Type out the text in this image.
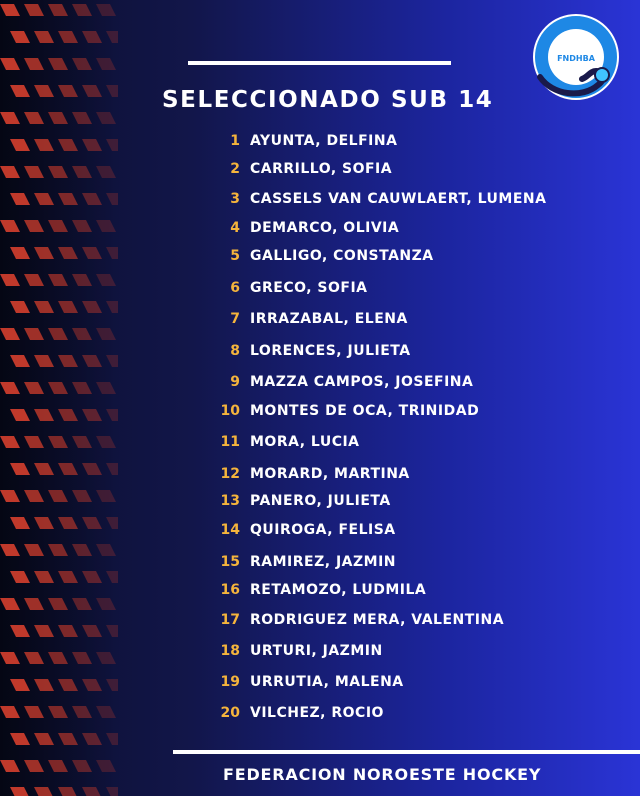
SELECCIONADO SUB 14
FNDHBA
1 AYUNTA, DELFINA
2 CARRILLO, SOFIA
3 CASSELS VAN CAUWLAERT, LUMENA
4 DEMARCO, OLIVIA
5 GALLIGO, CONSTANZA
6 GRECO, SOFIA
7 IRRAZABAL, ELENA
8 LORENCES, JULIETA
9 MAZZA CAMPOS, JOSEFINA
10 MONTES DE OCA, TRINIDAD
11 MORA, LUCIA
12 MORARD, MARTINA
13 PANERO, JULIETA
14 QUIROGA, FELISA
15 RAMIREZ, JAZMIN
16 RETAMOZO, LUDMILA
17 RODRIGUEZ MERA, VALENTINA
18 URTURI, JAZMIN
19 URRUTIA, MALENA
20 VILCHEZ, ROCIO
FEDERACION NOROESTE HOCKEY
